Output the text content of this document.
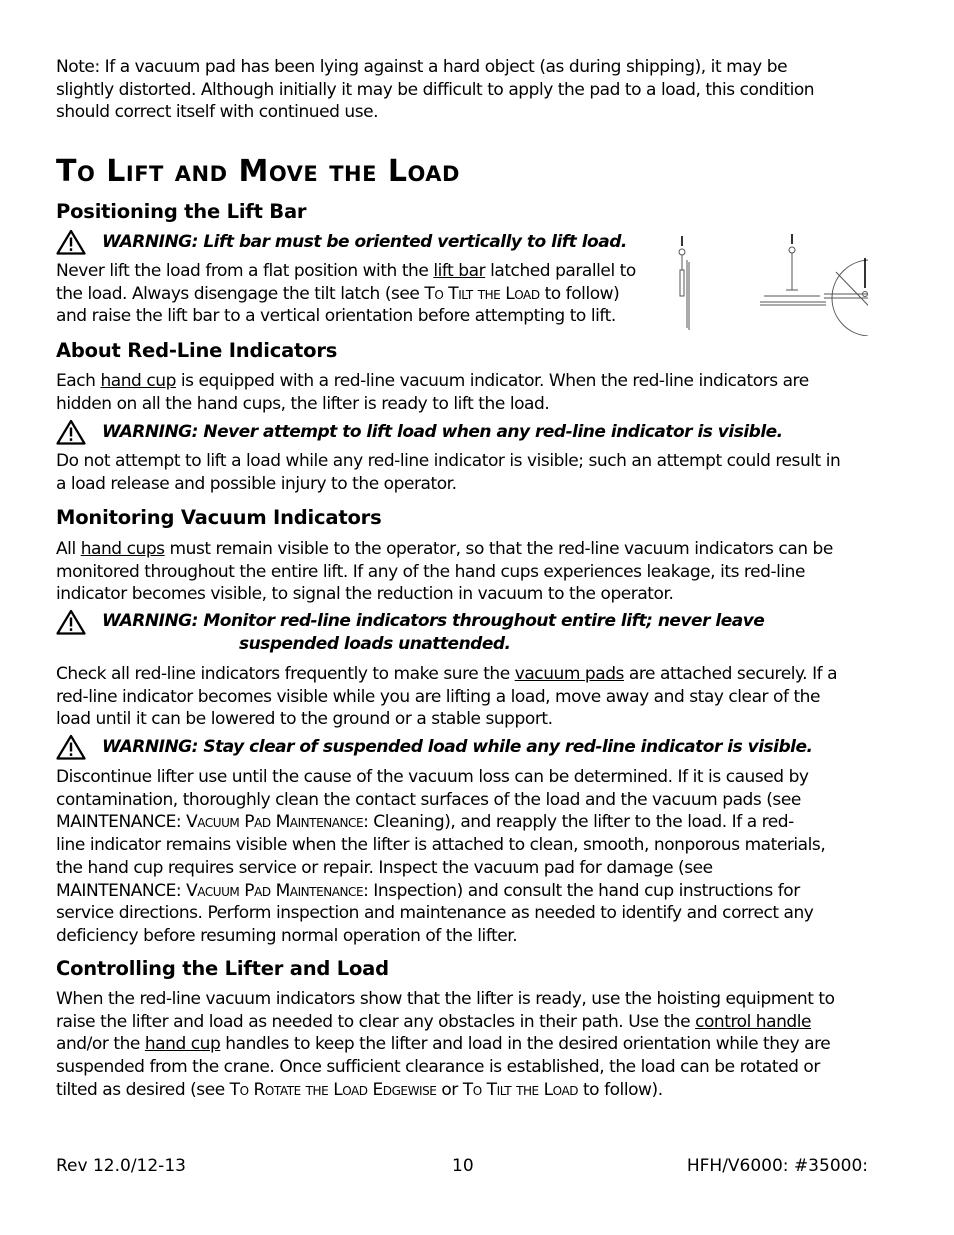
Note: If a vacuum pad has been lying against a hard object (as during shipping), it may be
slightly distorted. Although initially it may be difficult to apply the pad to a load, this condition
should correct itself with continued use.
To Lift and Move the Load
Positioning the Lift Bar
WARNING: Lift bar must be oriented vertically to lift load.
Never lift the load from a flat position with the lift bar latched parallel to
the load. Always disengage the tilt latch (see To Tilt the Load to follow)
and raise the lift bar to a vertical orientation before attempting to lift.
About Red-Line Indicators
Each hand cup is equipped with a red-line vacuum indicator. When the red-line indicators are
hidden on all the hand cups, the lifter is ready to lift the load.
WARNING: Never attempt to lift load when any red-line indicator is visible.
Do not attempt to lift a load while any red-line indicator is visible; such an attempt could result in
a load release and possible injury to the operator.
Monitoring Vacuum Indicators
All hand cups must remain visible to the operator, so that the red-line vacuum indicators can be
monitored throughout the entire lift. If any of the hand cups experiences leakage, its red-line
indicator becomes visible, to signal the reduction in vacuum to the operator.
WARNING: Monitor red-line indicators throughout entire lift; never leave
suspended loads unattended.
Check all red-line indicators frequently to make sure the vacuum pads are attached securely. If a
red-line indicator becomes visible while you are lifting a load, move away and stay clear of the
load until it can be lowered to the ground or a stable support.
WARNING: Stay clear of suspended load while any red-line indicator is visible.
Discontinue lifter use until the cause of the vacuum loss can be determined. If it is caused by
contamination, thoroughly clean the contact surfaces of the load and the vacuum pads (see
MAINTENANCE: Vacuum Pad Maintenance: Cleaning), and reapply the lifter to the load. If a red-
line indicator remains visible when the lifter is attached to clean, smooth, nonporous materials,
the hand cup requires service or repair. Inspect the vacuum pad for damage (see
MAINTENANCE: Vacuum Pad Maintenance: Inspection) and consult the hand cup instructions for
service directions. Perform inspection and maintenance as needed to identify and correct any
deficiency before resuming normal operation of the lifter.
Controlling the Lifter and Load
When the red-line vacuum indicators show that the lifter is ready, use the hoisting equipment to
raise the lifter and load as needed to clear any obstacles in their path. Use the control handle
and/or the hand cup handles to keep the lifter and load in the desired orientation while they are
suspended from the crane. Once sufficient clearance is established, the load can be rotated or
tilted as desired (see To Rotate the Load Edgewise or To Tilt the Load to follow).
Rev 12.0/12-13	10	HFH/V6000: #35000:
